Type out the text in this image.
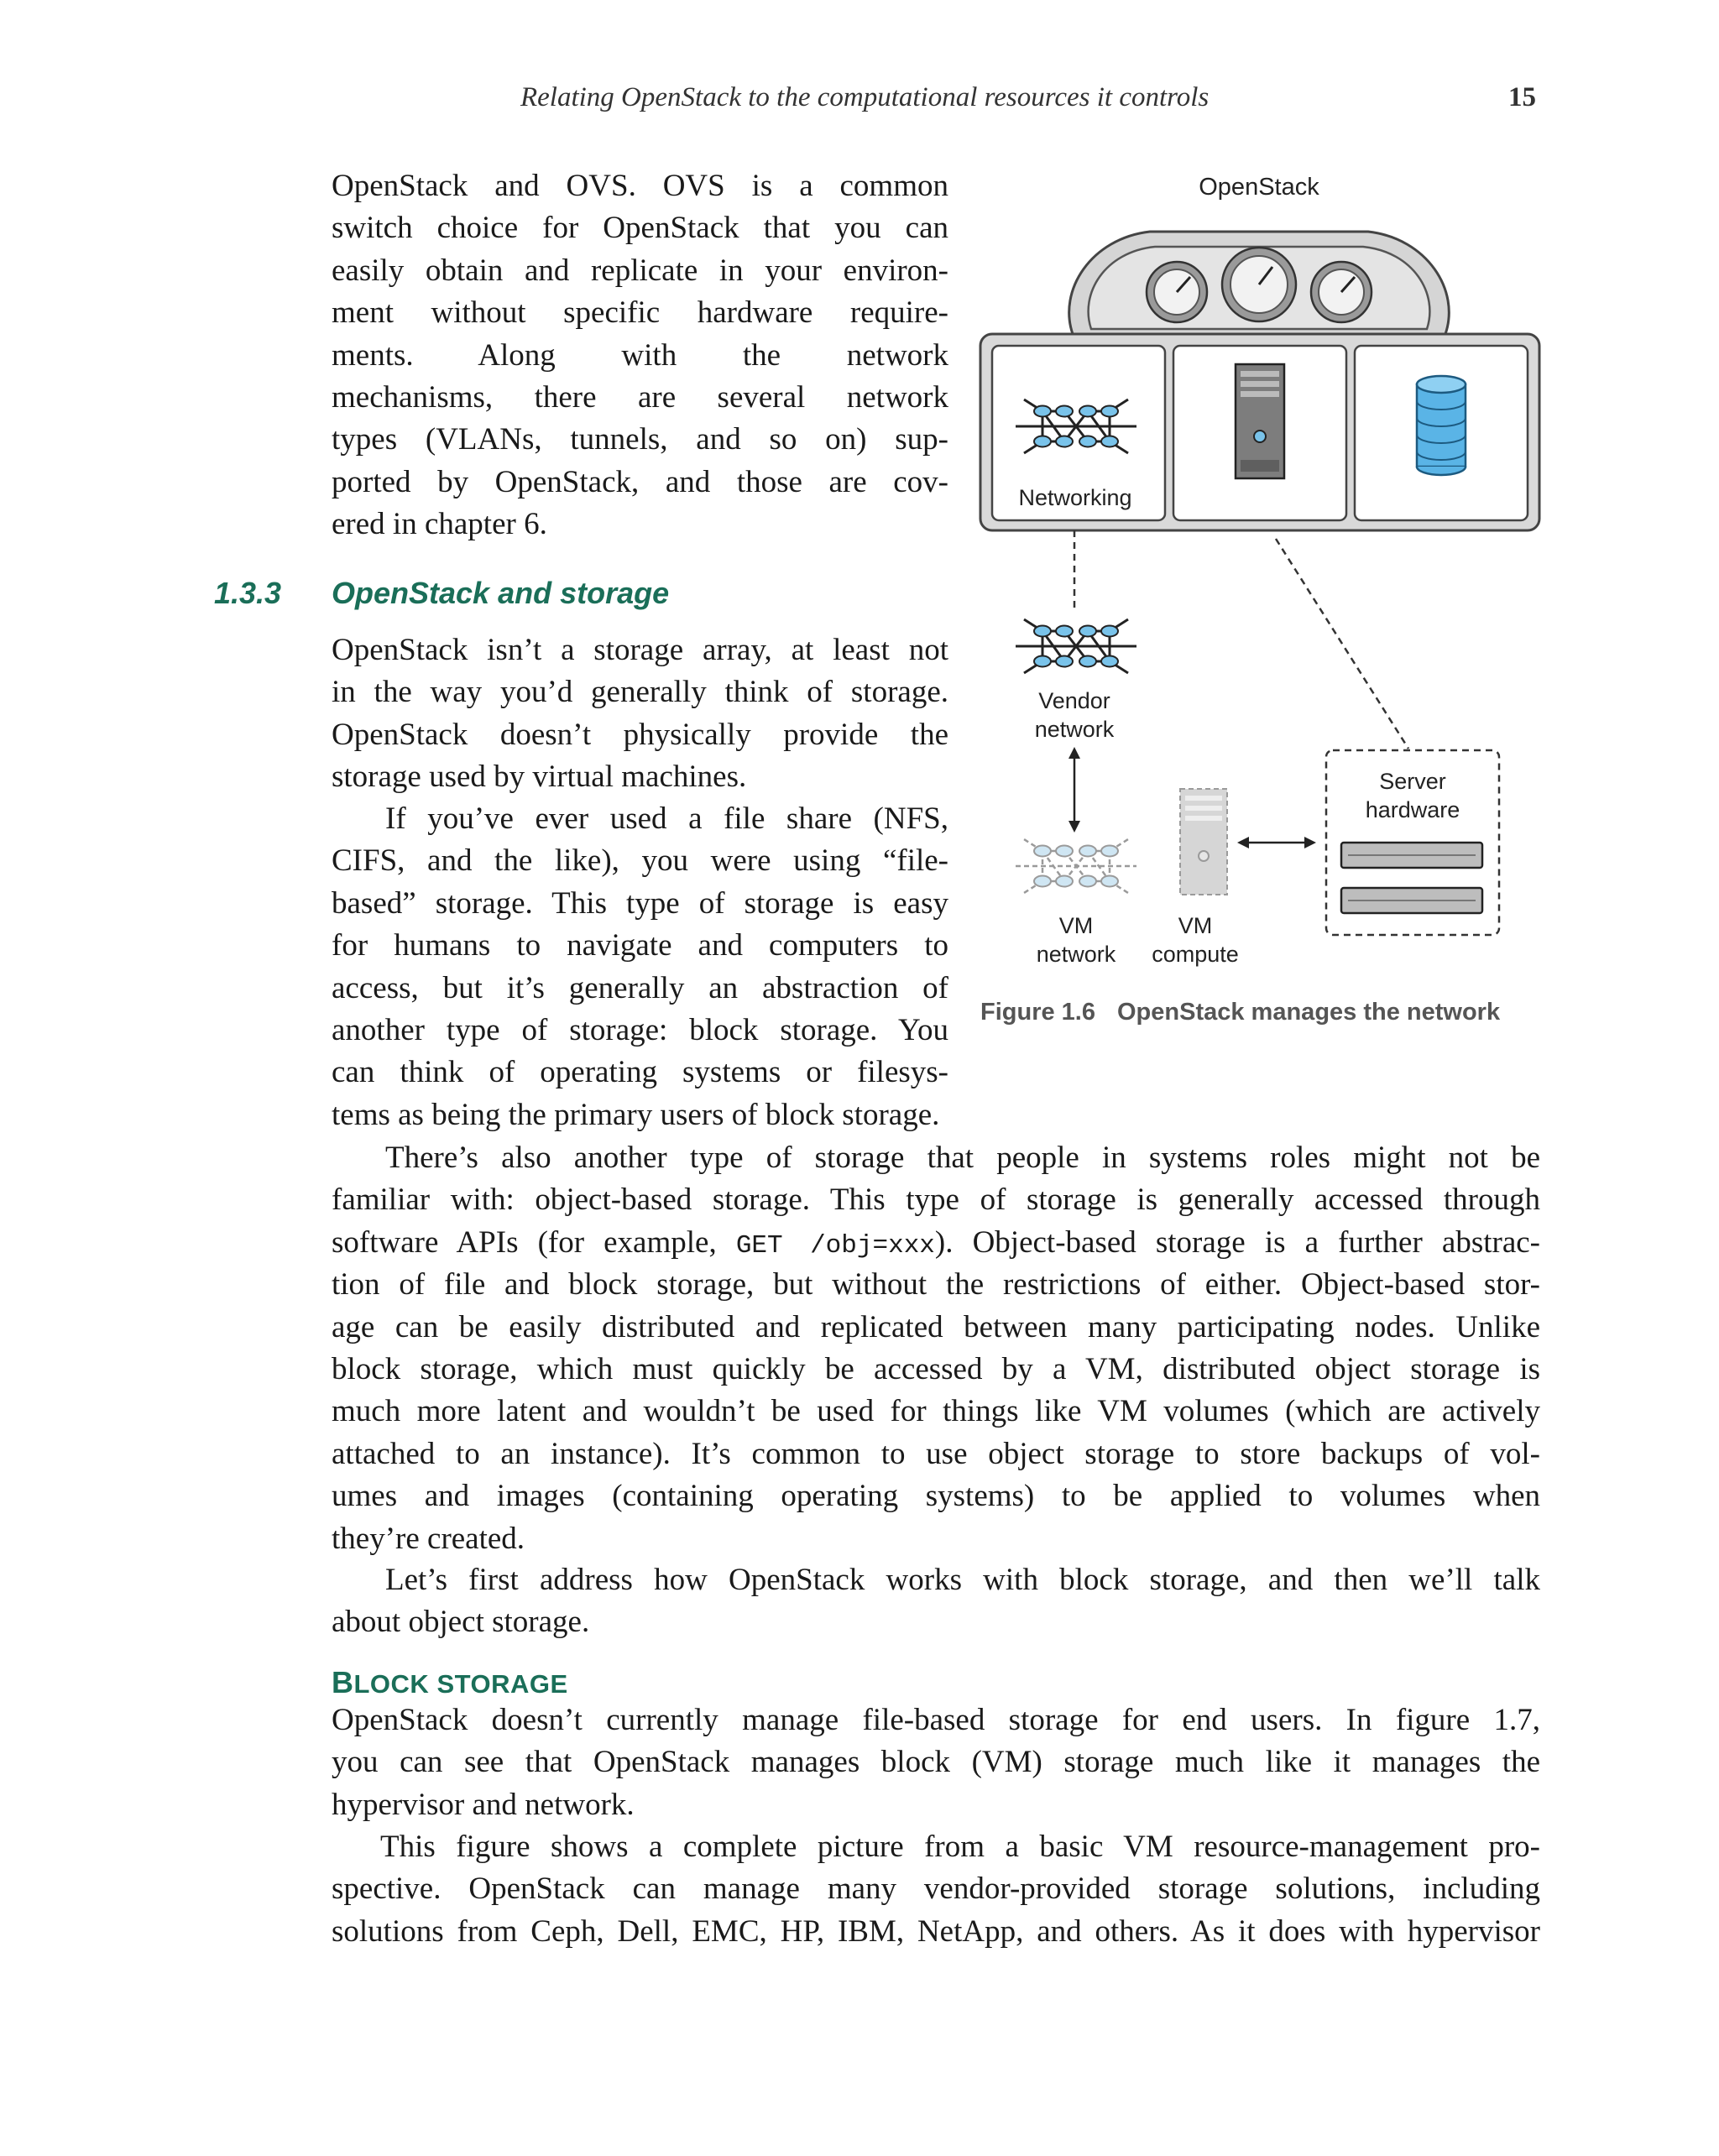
Relating OpenStack to the computational resources it controls	15
OpenStack and OVS. OVS is a common
switch choice for OpenStack that you can
easily obtain and replicate in your environ-
ment without specific hardware require-
ments. Along with the network
mechanisms, there are several network
types (VLANs, tunnels, and so on) sup-
ported by OpenStack, and those are cov-
ered in chapter 6.
1.3.3 OpenStack and storage
OpenStack isn’t a storage array, at least not
in the way you’d generally think of storage.
OpenStack doesn’t physically provide the
storage used by virtual machines.
If you’ve ever used a file share (NFS,
CIFS, and the like), you were using “file-
based” storage. This type of storage is easy
for humans to navigate and computers to
access, but it’s generally an abstraction of
another type of storage: block storage. You
can think of operating systems or filesys-
tems as being the primary users of block storage.
There’s also another type of storage that people in systems roles might not be
familiar with: object-based storage. This type of storage is generally accessed through
software APIs (for example, GET /obj=xxx). Object-based storage is a further abstrac-
tion of file and block storage, but without the restrictions of either. Object-based stor-
age can be easily distributed and replicated between many participating nodes. Unlike
block storage, which must quickly be accessed by a VM, distributed object storage is
much more latent and wouldn’t be used for things like VM volumes (which are actively
attached to an instance). It’s common to use object storage to store backups of vol-
umes and images (containing operating systems) to be applied to volumes when
they’re created.
Let’s first address how OpenStack works with block storage, and then we’ll talk
about object storage.
BLOCK STORAGE
OpenStack doesn’t currently manage file-based storage for end users. In figure 1.7,
you can see that OpenStack manages block (VM) storage much like it manages the
hypervisor and network.
This figure shows a complete picture from a basic VM resource-management pro-
spective. OpenStack can manage many vendor-provided storage solutions, including
solutions from Ceph, Dell, EMC, HP, IBM, NetApp, and others. As it does with hypervisor
OpenStack
Networking
Vendor
network
Server
hardware
VM
network
VM
compute
Figure 1.6 OpenStack manages the network
